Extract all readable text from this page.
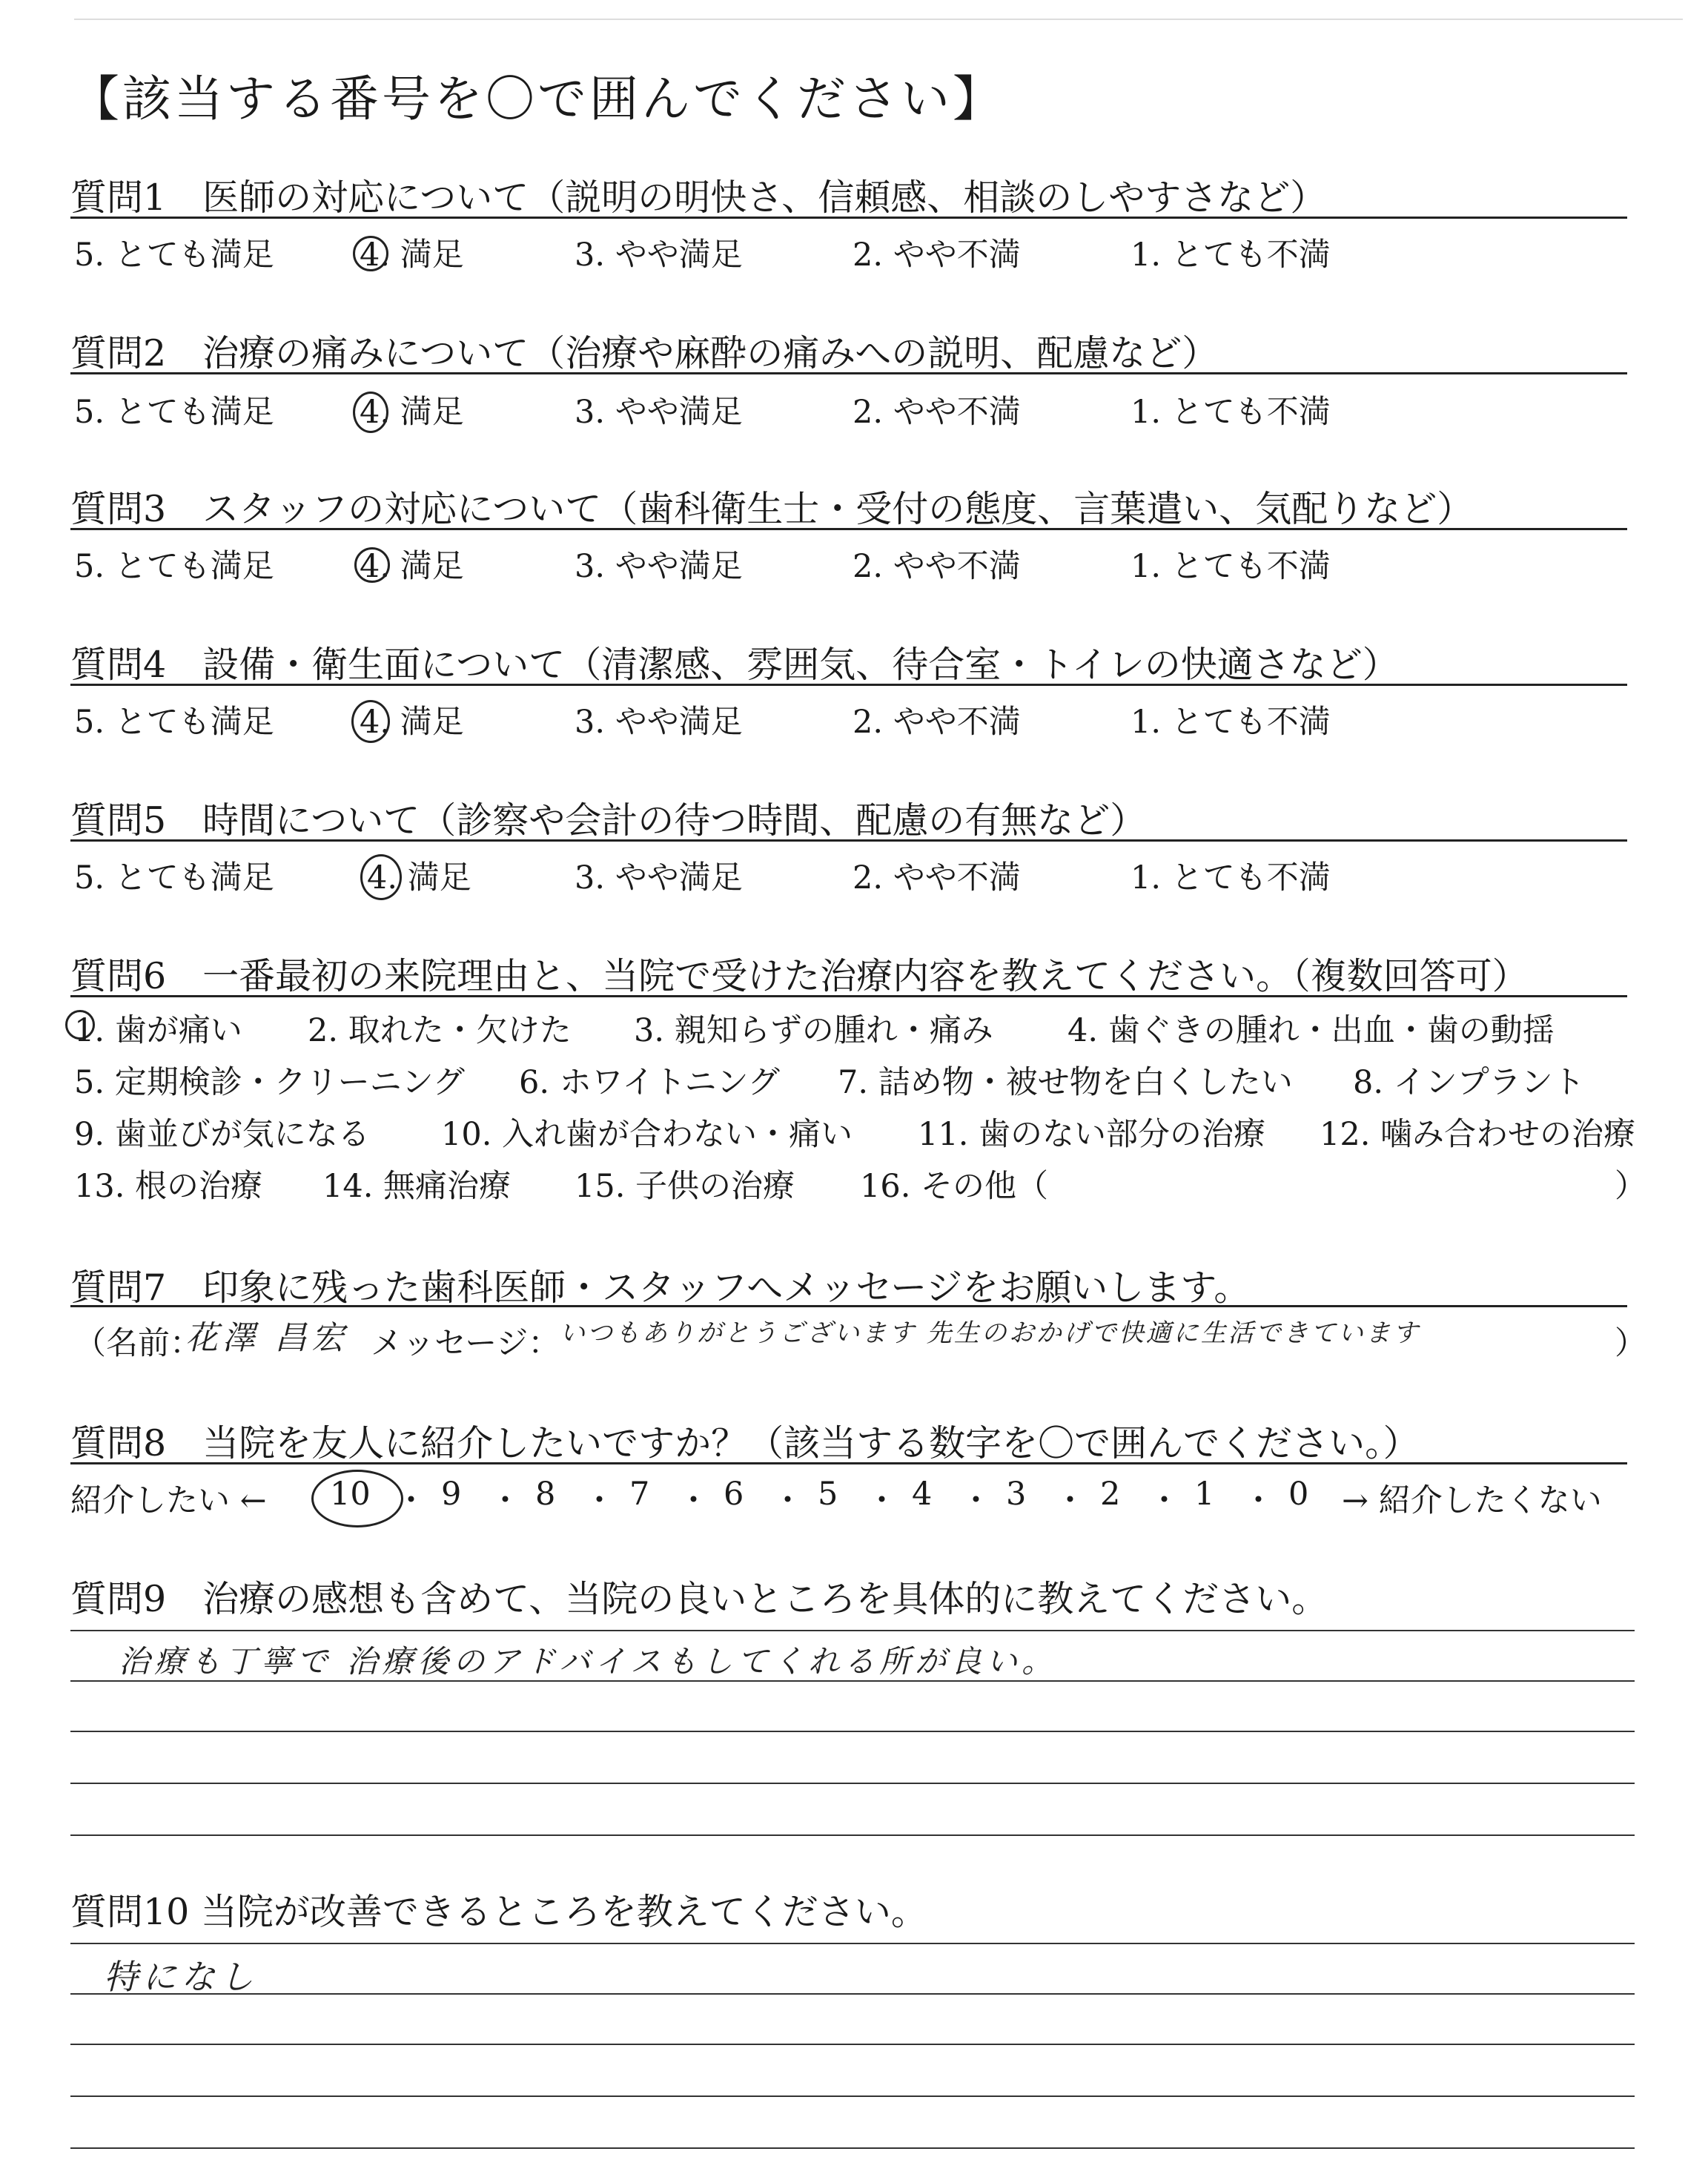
【該当する番号を〇で囲んでください】
質問1　医師の対応について（説明の明快さ、信頼感、相談のしやすさなど）
5. とても満足	4. 満足	3. やや満足	2. やや不満	1. とても不満
質問2　治療の痛みについて（治療や麻酔の痛みへの説明、配慮など）
5. とても満足	4. 満足	3. やや満足	2. やや不満	1. とても不満
質問3　スタッフの対応について（歯科衛生士・受付の態度、言葉遣い、気配りなど）
5. とても満足	4. 満足	3. やや満足	2. やや不満	1. とても不満
質問4　設備・衛生面について（清潔感、雰囲気、待合室・トイレの快適さなど）
5. とても満足	4. 満足	3. やや満足	2. やや不満	1. とても不満
質問5　時間について（診察や会計の待つ時間、配慮の有無など）
5. とても満足	4. 満足	3. やや満足	2. やや不満	1. とても不満
質問6　一番最初の来院理由と、当院で受けた治療内容を教えてください。（複数回答可）
1. 歯が痛い 2. 取れた・欠けた 3. 親知らずの腫れ・痛み 4. 歯ぐきの腫れ・出血・歯の動揺
5. 定期検診・クリーニング 6. ホワイトニング 7. 詰め物・被せ物を白くしたい 8. インプラント
9. 歯並びが気になる 10. 入れ歯が合わない・痛い 11. 歯のない部分の治療 12. 噛み合わせの治療
13. 根の治療 14. 無痛治療 15. 子供の治療 16. その他（	）
質問7　印象に残った歯科医師・スタッフへメッセージをお願いします。
（名前：
花澤 昌宏 メッセージ： いつもありがとうございます 先生のおかげで快適に生活できています	）
質問8　当院を友人に紹介したいですか？（該当する数字を〇で囲んでください。）
紹介したい ← 10 ・ 9 ・ 8 ・ 7 ・ 6 ・ 5 ・ 4 ・ 3 ・ 2 ・ 1 ・ 0 → 紹介したくない
質問9　治療の感想も含めて、当院の良いところを具体的に教えてください。
治療も丁寧で 治療後のアドバイスもしてくれる所が良い。
質問10 当院が改善できるところを教えてください。
特になし
